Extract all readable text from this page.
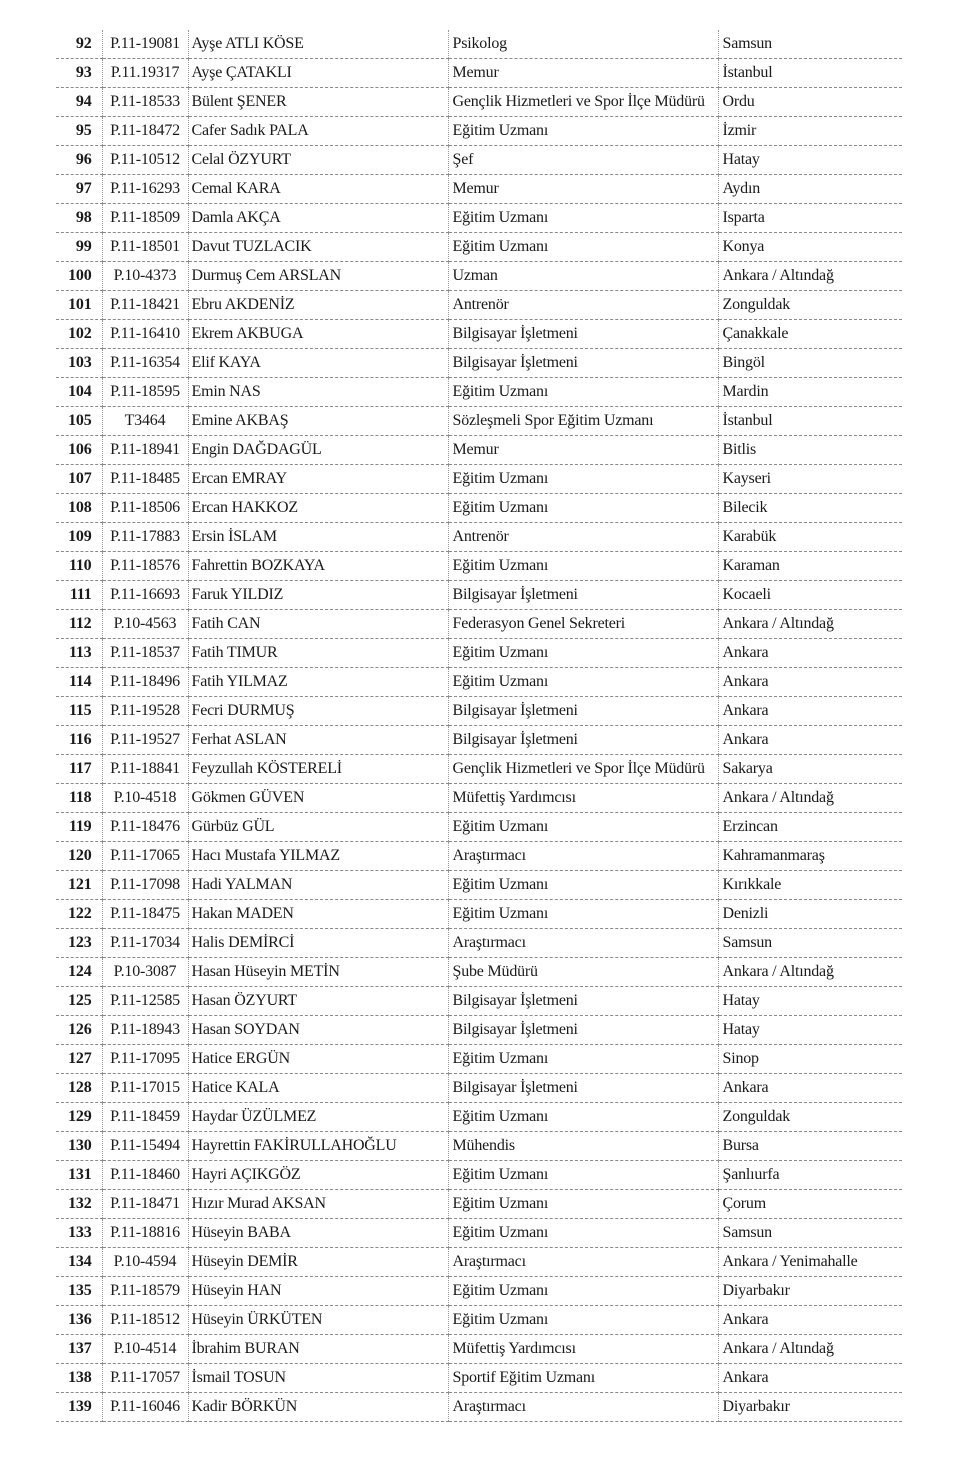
92	P.11-19081	Ayşe ATLI KÖSE	Psikolog	Samsun
93	P.11.19317	Ayşe ÇATAKLI	Memur	İstanbul
94	P.11-18533	Bülent ŞENER	Gençlik Hizmetleri ve Spor İlçe Müdürü	Ordu
95	P.11-18472	Cafer Sadık PALA	Eğitim Uzmanı	İzmir
96	P.11-10512	Celal ÖZYURT	Şef	Hatay
97	P.11-16293	Cemal KARA	Memur	Aydın
98	P.11-18509	Damla AKÇA	Eğitim Uzmanı	Isparta
99	P.11-18501	Davut TUZLACIK	Eğitim Uzmanı	Konya
100	P.10-4373	Durmuş Cem ARSLAN	Uzman	Ankara / Altındağ
101	P.11-18421	Ebru AKDENİZ	Antrenör	Zonguldak
102	P.11-16410	Ekrem AKBUGA	Bilgisayar İşletmeni	Çanakkale
103	P.11-16354	Elif KAYA	Bilgisayar İşletmeni	Bingöl
104	P.11-18595	Emin NAS	Eğitim Uzmanı	Mardin
105	T3464	Emine AKBAŞ	Sözleşmeli Spor Eğitim Uzmanı	İstanbul
106	P.11-18941	Engin DAĞDAGÜL	Memur	Bitlis
107	P.11-18485	Ercan EMRAY	Eğitim Uzmanı	Kayseri
108	P.11-18506	Ercan HAKKOZ	Eğitim Uzmanı	Bilecik
109	P.11-17883	Ersin İSLAM	Antrenör	Karabük
110	P.11-18576	Fahrettin BOZKAYA	Eğitim Uzmanı	Karaman
111	P.11-16693	Faruk YILDIZ	Bilgisayar İşletmeni	Kocaeli
112	P.10-4563	Fatih CAN	Federasyon Genel Sekreteri	Ankara / Altındağ
113	P.11-18537	Fatih TIMUR	Eğitim Uzmanı	Ankara
114	P.11-18496	Fatih YILMAZ	Eğitim Uzmanı	Ankara
115	P.11-19528	Fecri DURMUŞ	Bilgisayar İşletmeni	Ankara
116	P.11-19527	Ferhat ASLAN	Bilgisayar İşletmeni	Ankara
117	P.11-18841	Feyzullah KÖSTERELİ	Gençlik Hizmetleri ve Spor İlçe Müdürü	Sakarya
118	P.10-4518	Gökmen GÜVEN	Müfettiş Yardımcısı	Ankara / Altındağ
119	P.11-18476	Gürbüz GÜL	Eğitim Uzmanı	Erzincan
120	P.11-17065	Hacı Mustafa YILMAZ	Araştırmacı	Kahramanmaraş
121	P.11-17098	Hadi YALMAN	Eğitim Uzmanı	Kırıkkale
122	P.11-18475	Hakan MADEN	Eğitim Uzmanı	Denizli
123	P.11-17034	Halis DEMİRCİ	Araştırmacı	Samsun
124	P.10-3087	Hasan Hüseyin METİN	Şube Müdürü	Ankara / Altındağ
125	P.11-12585	Hasan ÖZYURT	Bilgisayar İşletmeni	Hatay
126	P.11-18943	Hasan SOYDAN	Bilgisayar İşletmeni	Hatay
127	P.11-17095	Hatice ERGÜN	Eğitim Uzmanı	Sinop
128	P.11-17015	Hatice KALA	Bilgisayar İşletmeni	Ankara
129	P.11-18459	Haydar ÜZÜLMEZ	Eğitim Uzmanı	Zonguldak
130	P.11-15494	Hayrettin FAKİRULLAHOĞLU	Mühendis	Bursa
131	P.11-18460	Hayri AÇIKGÖZ	Eğitim Uzmanı	Şanlıurfa
132	P.11-18471	Hızır Murad AKSAN	Eğitim Uzmanı	Çorum
133	P.11-18816	Hüseyin BABA	Eğitim Uzmanı	Samsun
134	P.10-4594	Hüseyin DEMİR	Araştırmacı	Ankara / Yenimahalle
135	P.11-18579	Hüseyin HAN	Eğitim Uzmanı	Diyarbakır
136	P.11-18512	Hüseyin ÜRKÜTEN	Eğitim Uzmanı	Ankara
137	P.10-4514	İbrahim BURAN	Müfettiş Yardımcısı	Ankara / Altındağ
138	P.11-17057	İsmail TOSUN	Sportif Eğitim Uzmanı	Ankara
139	P.11-16046	Kadir BÖRKÜN	Araştırmacı	Diyarbakır
